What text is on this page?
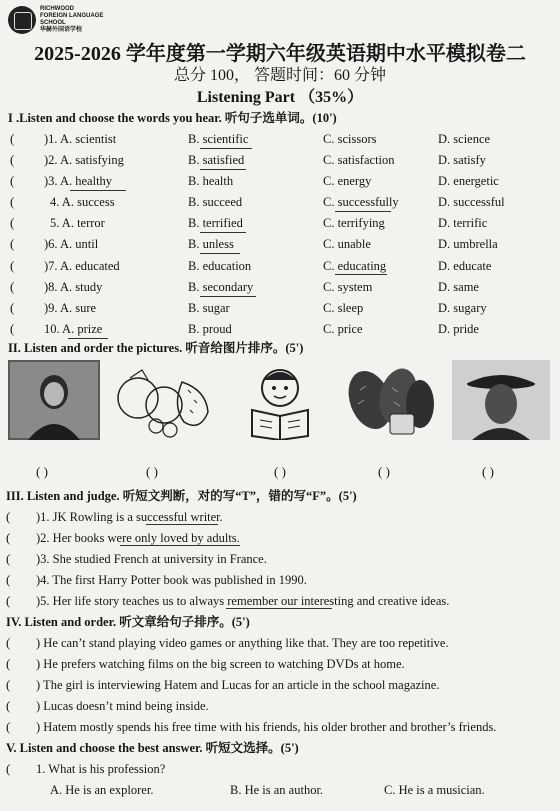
RICHWOOD
FOREIGN LANGUAGE
SCHOOL
华赫外国语学校
2025-2026 学年度第一学期六年级英语期中水平模拟卷二
总分 100， 答题时间：60 分钟
Listening Part （35%）
I .Listen and choose the words you hear. 听句子选单词。(10')
( )1. A. scientist	B. scientific	C. scissors	D. science
( )2. A. satisfying	B. satisfied	C. satisfaction	D. satisfy
( )3. A. healthy	B. health	C. energy	D. energetic
(	4. A. success	B. succeed	C. successfully	D. successful
(	5. A. terror	B. terrified	C. terrifying	D. terrific
( )6. A. until	B. unless	C. unable	D. umbrella
( )7. A. educated	B. education	C. educating	D. educate
( )8. A. study	B. secondary	C. system	D. same
( )9. A. sure	B. sugar	C. sleep	D. sugary
( 10. A. prize	B. proud	C. price	D. pride
II. Listen and order the pictures. 听音给图片排序。(5')
( )	( )	( )	( )	( )
III. Listen and judge. 听短文判断，对的写“T”，错的写“F”。(5')
( )1. JK Rowling is a successful writer.
( )2. Her books were only loved by adults.
( )3. She studied French at university in France.
( )4. The first Harry Potter book was published in 1990.
( )5. Her life story teaches us to always remember our interesting and creative ideas.
IV. Listen and order. 听文章给句子排序。(5')
( ) He can’t stand playing video games or anything like that. They are too repetitive.
( ) He prefers watching films on the big screen to watching DVDs at home.
( ) The girl is interviewing Hatem and Lucas for an article in the school magazine.
( ) Lucas doesn’t mind being inside.
( ) Hatem mostly spends his free time with his friends, his older brother and brother’s friends.
V. Listen and choose the best answer. 听短文选择。(5')
( 1. What is his profession?
A. He is an explorer.	B. He is an author.	C. He is a musician.
